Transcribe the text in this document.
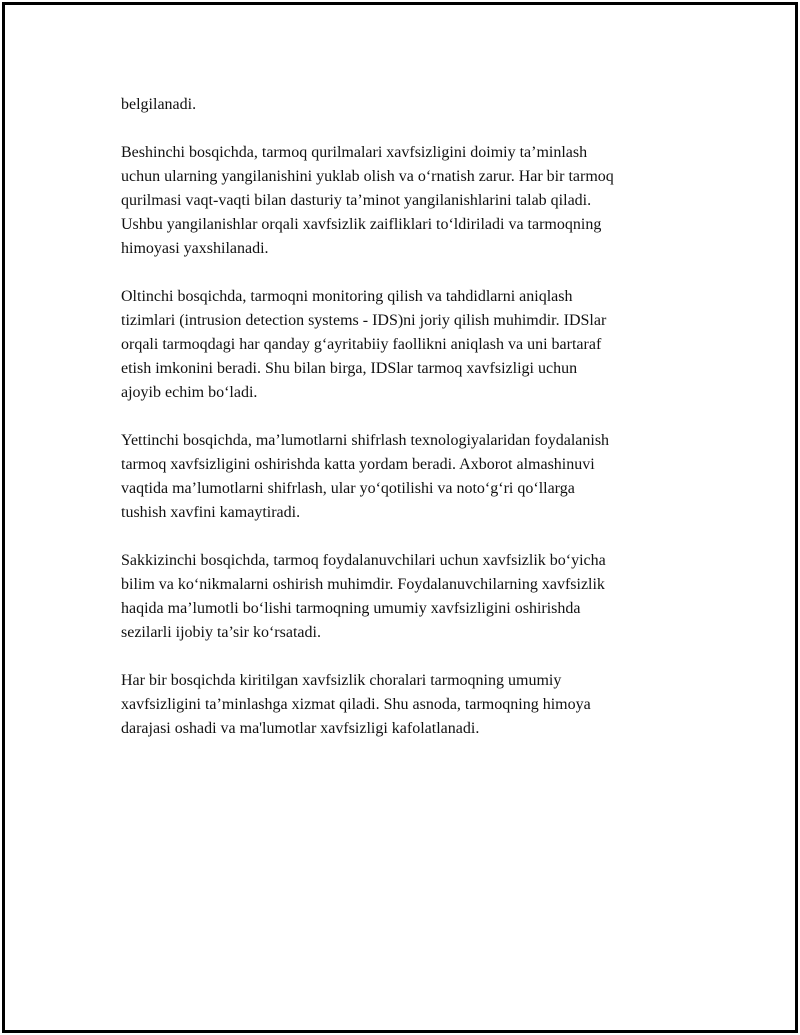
belgilanadi.

Beshinchi bosqichda, tarmoq qurilmalari xavfsizligini doimiy ta’minlash
uchun ularning yangilanishini yuklab olish va o‘rnatish zarur. Har bir tarmoq
qurilmasi vaqt-vaqti bilan dasturiy ta’minot yangilanishlarini talab qiladi.
Ushbu yangilanishlar orqali xavfsizlik zaifliklari to‘ldiriladi va tarmoqning
himoyasi yaxshilanadi.

Oltinchi bosqichda, tarmoqni monitoring qilish va tahdidlarni aniqlash
tizimlari (intrusion detection systems - IDS)ni joriy qilish muhimdir. IDSlar
orqali tarmoqdagi har qanday g‘ayritabiiy faollikni aniqlash va uni bartaraf
etish imkonini beradi. Shu bilan birga, IDSlar tarmoq xavfsizligi uchun
ajoyib echim bo‘ladi.

Yettinchi bosqichda, ma’lumotlarni shifrlash texnologiyalaridan foydalanish
tarmoq xavfsizligini oshirishda katta yordam beradi. Axborot almashinuvi
vaqtida ma’lumotlarni shifrlash, ular yo‘qotilishi va noto‘g‘ri qo‘llarga
tushish xavfini kamaytiradi.

Sakkizinchi bosqichda, tarmoq foydalanuvchilari uchun xavfsizlik bo‘yicha
bilim va ko‘nikmalarni oshirish muhimdir. Foydalanuvchilarning xavfsizlik
haqida ma’lumotli bo‘lishi tarmoqning umumiy xavfsizligini oshirishda
sezilarli ijobiy ta’sir ko‘rsatadi.

Har bir bosqichda kiritilgan xavfsizlik choralari tarmoqning umumiy
xavfsizligini ta’minlashga xizmat qiladi. Shu asnoda, tarmoqning himoya
darajasi oshadi va ma'lumotlar xavfsizligi kafolatlanadi.
